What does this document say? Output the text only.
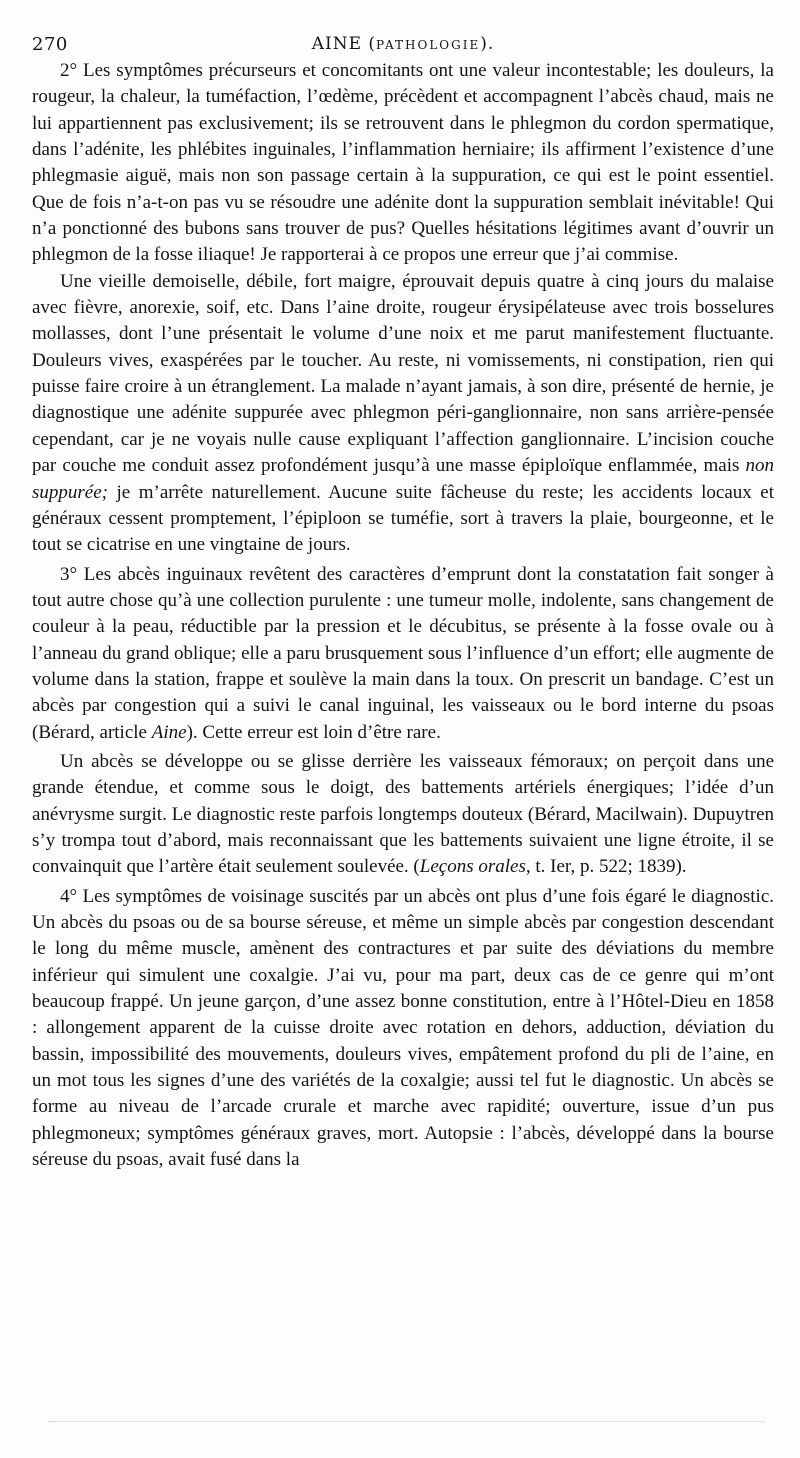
270	AINE (PATHOLOGIE).

2° Les symptômes précurseurs et concomitants ont une valeur incontestable; les douleurs, la rougeur, la chaleur, la tuméfaction, l’œdème, précèdent et accompagnent l’abcès chaud, mais ne lui appartiennent pas exclusivement; ils se retrouvent dans le phlegmon du cordon spermatique, dans l’adénite, les phlébites inguinales, l’inflammation herniaire; ils affirment l’existence d’une phlegmasie aiguë, mais non son passage certain à la suppuration, ce qui est le point essentiel. Que de fois n’a-t-on pas vu se résoudre une adénite dont la suppuration semblait inévitable! Qui n’a ponctionné des bubons sans trouver de pus? Quelles hésitations légitimes avant d’ouvrir un phlegmon de la fosse iliaque! Je rapporterai à ce propos une erreur que j’ai commise.

Une vieille demoiselle, débile, fort maigre, éprouvait depuis quatre à cinq jours du malaise avec fièvre, anorexie, soif, etc. Dans l’aine droite, rougeur érysipélateuse avec trois bosselures mollasses, dont l’une présentait le volume d’une noix et me parut manifestement fluctuante. Douleurs vives, exaspérées par le toucher. Au reste, ni vomissements, ni constipation, rien qui puisse faire croire à un étranglement. La malade n’ayant jamais, à son dire, présenté de hernie, je diagnostique une adénite suppurée avec phlegmon péri-ganglionnaire, non sans arrière-pensée cependant, car je ne voyais nulle cause expliquant l’affection ganglionnaire. L’incision couche par couche me conduit assez profondément jusqu’à une masse épiploïque enflammée, mais non suppurée; je m’arrête naturellement. Aucune suite fâcheuse du reste; les accidents locaux et généraux cessent promptement, l’épiploon se tuméfie, sort à travers la plaie, bourgeonne, et le tout se cicatrise en une vingtaine de jours.

3° Les abcès inguinaux revêtent des caractères d’emprunt dont la constatation fait songer à tout autre chose qu’à une collection purulente : une tumeur molle, indolente, sans changement de couleur à la peau, réductible par la pression et le décubitus, se présente à la fosse ovale ou à l’anneau du grand oblique; elle a paru brusquement sous l’influence d’un effort; elle augmente de volume dans la station, frappe et soulève la main dans la toux. On prescrit un bandage. C’est un abcès par congestion qui a suivi le canal inguinal, les vaisseaux ou le bord interne du psoas (Bérard, article Aine). Cette erreur est loin d’être rare.

Un abcès se développe ou se glisse derrière les vaisseaux fémoraux; on perçoit dans une grande étendue, et comme sous le doigt, des battements artériels énergiques; l’idée d’un anévrysme surgit. Le diagnostic reste parfois longtemps douteux (Bérard, Macilwain). Dupuytren s’y trompa tout d’abord, mais reconnaissant que les battements suivaient une ligne étroite, il se convainquit que l’artère était seulement soulevée. (Leçons orales, t. Ier, p. 522; 1839).

4° Les symptômes de voisinage suscités par un abcès ont plus d’une fois égaré le diagnostic. Un abcès du psoas ou de sa bourse séreuse, et même un simple abcès par congestion descendant le long du même muscle, amènent des contractures et par suite des déviations du membre inférieur qui simulent une coxalgie. J’ai vu, pour ma part, deux cas de ce genre qui m’ont beaucoup frappé. Un jeune garçon, d’une assez bonne constitution, entre à l’Hôtel-Dieu en 1858 : allongement apparent de la cuisse droite avec rotation en dehors, adduction, déviation du bassin, impossibilité des mouvements, douleurs vives, empâtement profond du pli de l’aine, en un mot tous les signes d’une des variétés de la coxalgie; aussi tel fut le diagnostic. Un abcès se forme au niveau de l’arcade crurale et marche avec rapidité; ouverture, issue d’un pus phlegmoneux; symptômes généraux graves, mort. Autopsie : l’abcès, développé dans la bourse séreuse du psoas, avait fusé dans la
